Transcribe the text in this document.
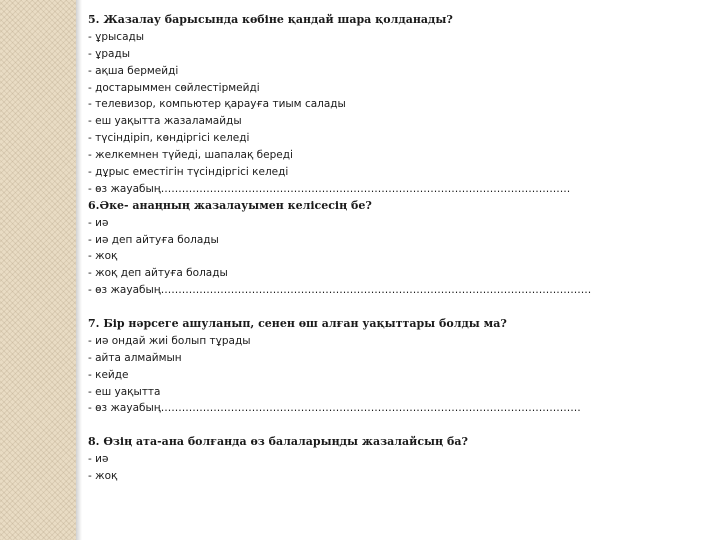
5. Жазалау барысында көбіне қандай шара қолданады?
- ұрысады
- ұрады
- ақша бермейді
- достарыммен сөйлестірмейді
- телевизор, компьютер қарауға тиым салады
- еш уақытта жазаламайды
- түсіндіріп, көндіргісі келеді
- желкемнен түйеді, шапалақ береді
- дұрыс еместігін түсіндіргісі келеді
- өз жауабың………………………………………………………………………………………………………
6.Әке- анаңның жазалауымен келісесің бе?
- иә
- иә деп айтуға болады
- жоқ
- жоқ деп айтуға болады
- өз жауабың……………………………………………………………………………………………………………
7. Бір нәрсеге ашуланып, сенен өш алған уақыттары болды ма?
- иә ондай жиі болып тұрады
- айта алмаймын
- кейде
- еш уақытта
- өз жауабың…………………………………………………………………………………………………………
8. Өзің ата-ана болғанда өз балаларыңды жазалайсың ба?
- иә
- жоқ
